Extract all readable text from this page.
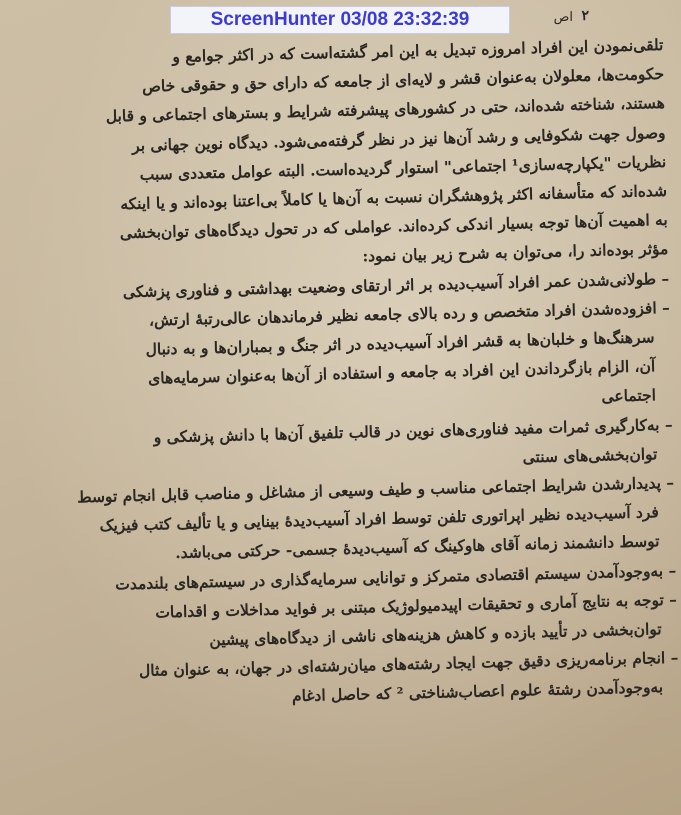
ScreenHunter 03/08 23:32:39	۲
اص
تلقی‌نمودن این افراد امروزه تبدیل به این امر گشته‌است که در اکثر جوامع و
حکومت‌ها، معلولان به‌عنوان قشر و لایه‌ای از جامعه که دارای حق و حقوقی خاص
هستند، شناخته شده‌اند، حتی در کشورهای پیشرفته شرایط و بسترهای اجتماعی و قابل
وصول جهت شکوفایی و رشد آن‌ها نیز در نظر گرفته‌می‌شود. دیدگاه نوین جهانی بر
نظریات "یکپارچه‌سازی¹ اجتماعی" استوار گردیده‌است. البته عوامل متعددی سبب
شده‌اند که متأسفانه اکثر پژوهشگران نسبت به آن‌ها یا کاملاً بی‌اعتنا بوده‌اند و یا اینکه
به اهمیت آن‌ها توجه بسیار اندکی کرده‌اند. عواملی که در تحول دیدگاه‌های توان‌بخشی
مؤثر بوده‌اند را، می‌توان به شرح زیر بیان نمود:
– طولانی‌شدن عمر افراد آسیب‌دیده بر اثر ارتقای وضعیت بهداشتی و فناوری پزشکی
– افزوده‌شدن افراد متخصص و رده بالای جامعه نظیر فرماندهان عالی‌رتبهٔ ارتش،
سرهنگ‌ها و خلبان‌ها به قشر افراد آسیب‌دیده در اثر جنگ و بمباران‌ها و به دنبال
آن، الزام بازگرداندن این افراد به جامعه و استفاده از آن‌ها به‌عنوان سرمایه‌های
اجتماعی
– به‌کارگیری ثمرات مفید فناوری‌های نوین در قالب تلفیق آن‌ها با دانش پزشکی و
توان‌بخشی‌های سنتی
– پدیدارشدن شرایط اجتماعی مناسب و طیف وسیعی از مشاغل و مناصب قابل انجام توسط
فرد آسیب‌دیده نظیر اپراتوری تلفن توسط افراد آسیب‌دیدهٔ بینایی و یا تألیف کتب فیزیک
توسط دانشمند زمانه آقای هاوکینگ که آسیب‌دیدهٔ جسمی- حرکتی می‌باشد.
– به‌وجودآمدن سیستم اقتصادی متمرکز و توانایی سرمایه‌گذاری در سیستم‌های بلندمدت
– توجه به نتایج آماری و تحقیقات اپیدمیولوژیک مبتنی بر فواید مداخلات و اقدامات
توان‌بخشی در تأیید بازده و کاهش هزینه‌های ناشی از دیدگاه‌های پیشین
– انجام برنامه‌ریزی دقیق جهت ایجاد رشته‌های میان‌رشته‌ای در جهان، به عنوان مثال
به‌وجودآمدن رشتهٔ علوم اعصاب‌شناختی ² که حاصل ادغام
